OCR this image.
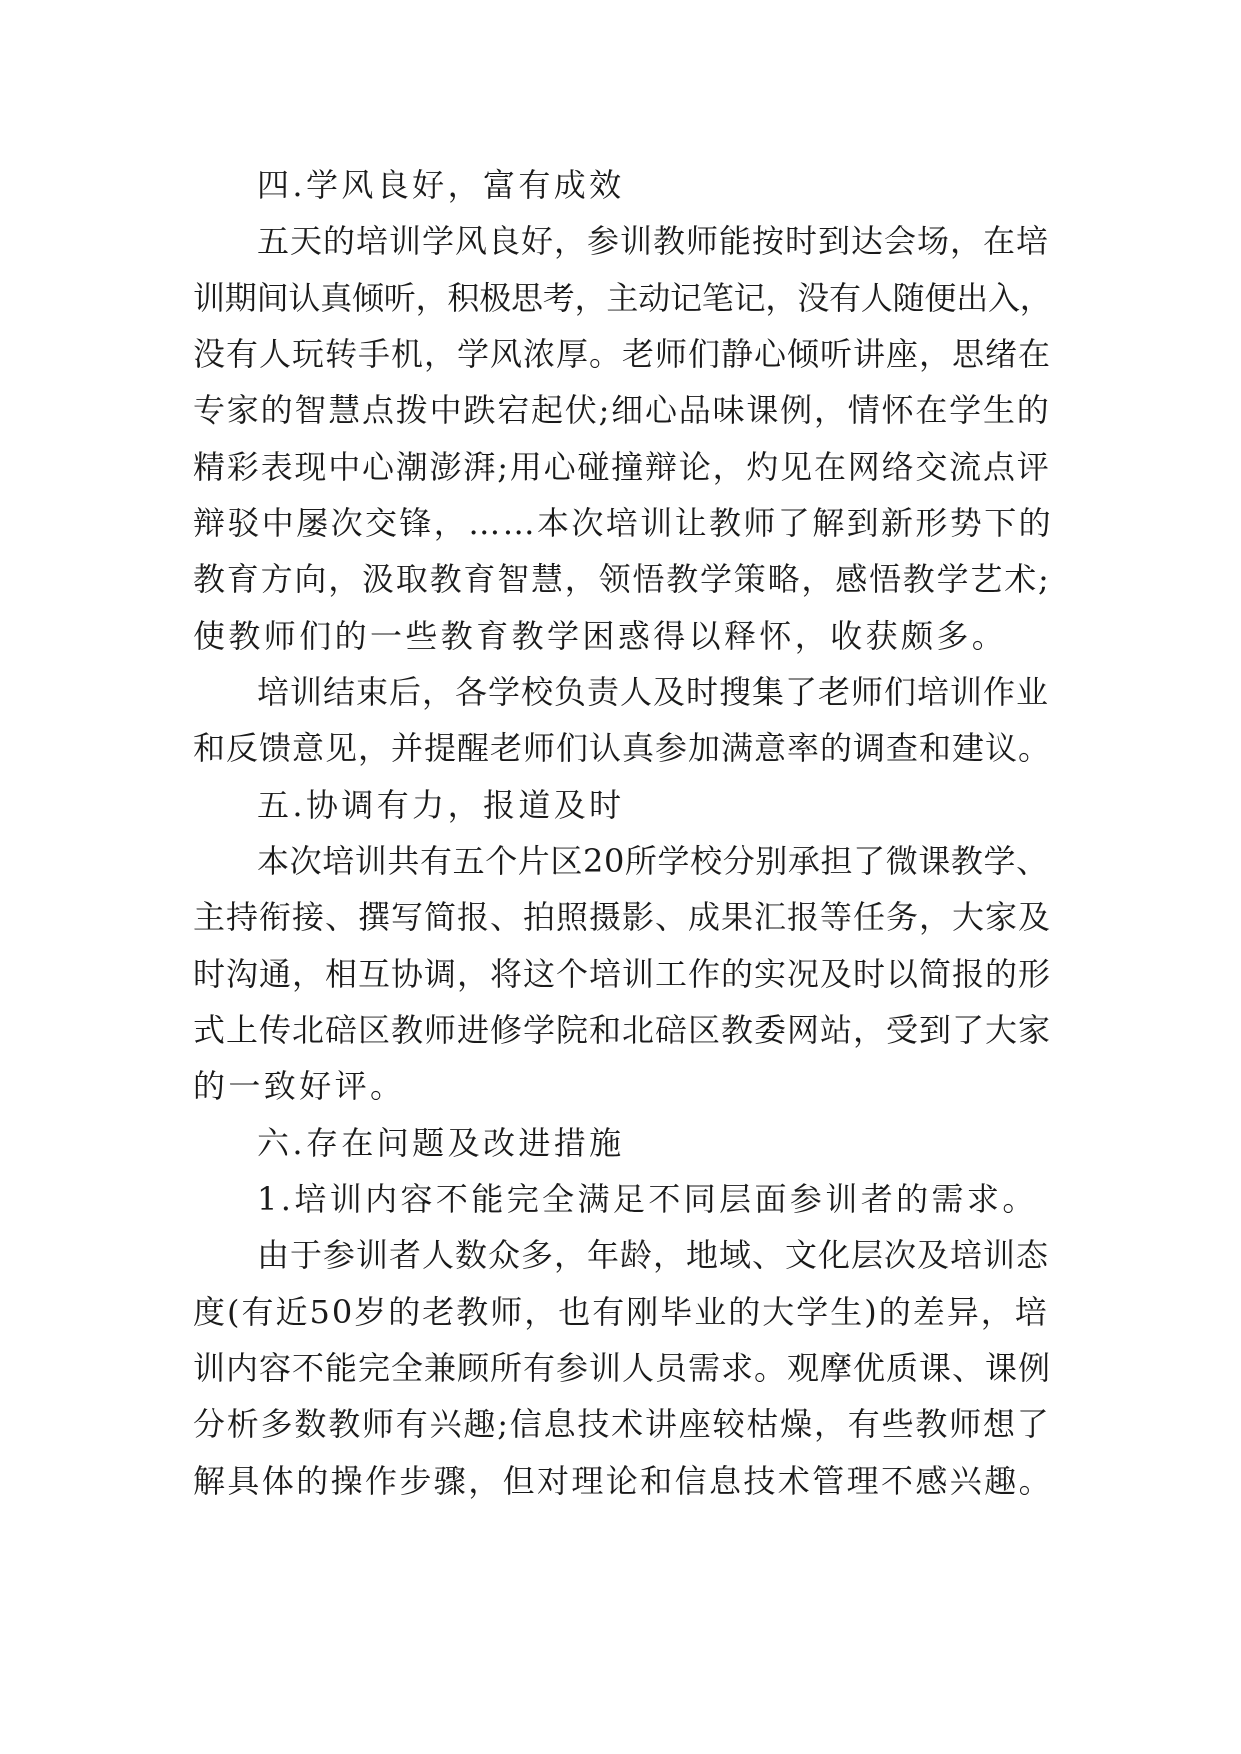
四.学风良好，富有成效
五天的培训学风良好，参训教师能按时到达会场，在培
训期间认真倾听，积极思考，主动记笔记，没有人随便出入，
没有人玩转手机，学风浓厚。老师们静心倾听讲座，思绪在
专家的智慧点拨中跌宕起伏;细心品味课例，情怀在学生的
精彩表现中心潮澎湃;用心碰撞辩论，灼见在网络交流点评
辩驳中屡次交锋，……本次培训让教师了解到新形势下的
教育方向，汲取教育智慧，领悟教学策略，感悟教学艺术;
使教师们的一些教育教学困惑得以释怀，收获颇多。
培训结束后，各学校负责人及时搜集了老师们培训作业
和反馈意见，并提醒老师们认真参加满意率的调查和建议。
五.协调有力，报道及时
本次培训共有五个片区20所学校分别承担了微课教学、
主持衔接、撰写简报、拍照摄影、成果汇报等任务，大家及
时沟通，相互协调，将这个培训工作的实况及时以简报的形
式上传北碚区教师进修学院和北碚区教委网站，受到了大家
的一致好评。
六.存在问题及改进措施
1.培训内容不能完全满足不同层面参训者的需求。
由于参训者人数众多，年龄，地域、文化层次及培训态
度(有近50岁的老教师，也有刚毕业的大学生)的差异，培
训内容不能完全兼顾所有参训人员需求。观摩优质课、课例
分析多数教师有兴趣;信息技术讲座较枯燥，有些教师想了
解具体的操作步骤，但对理论和信息技术管理不感兴趣。
